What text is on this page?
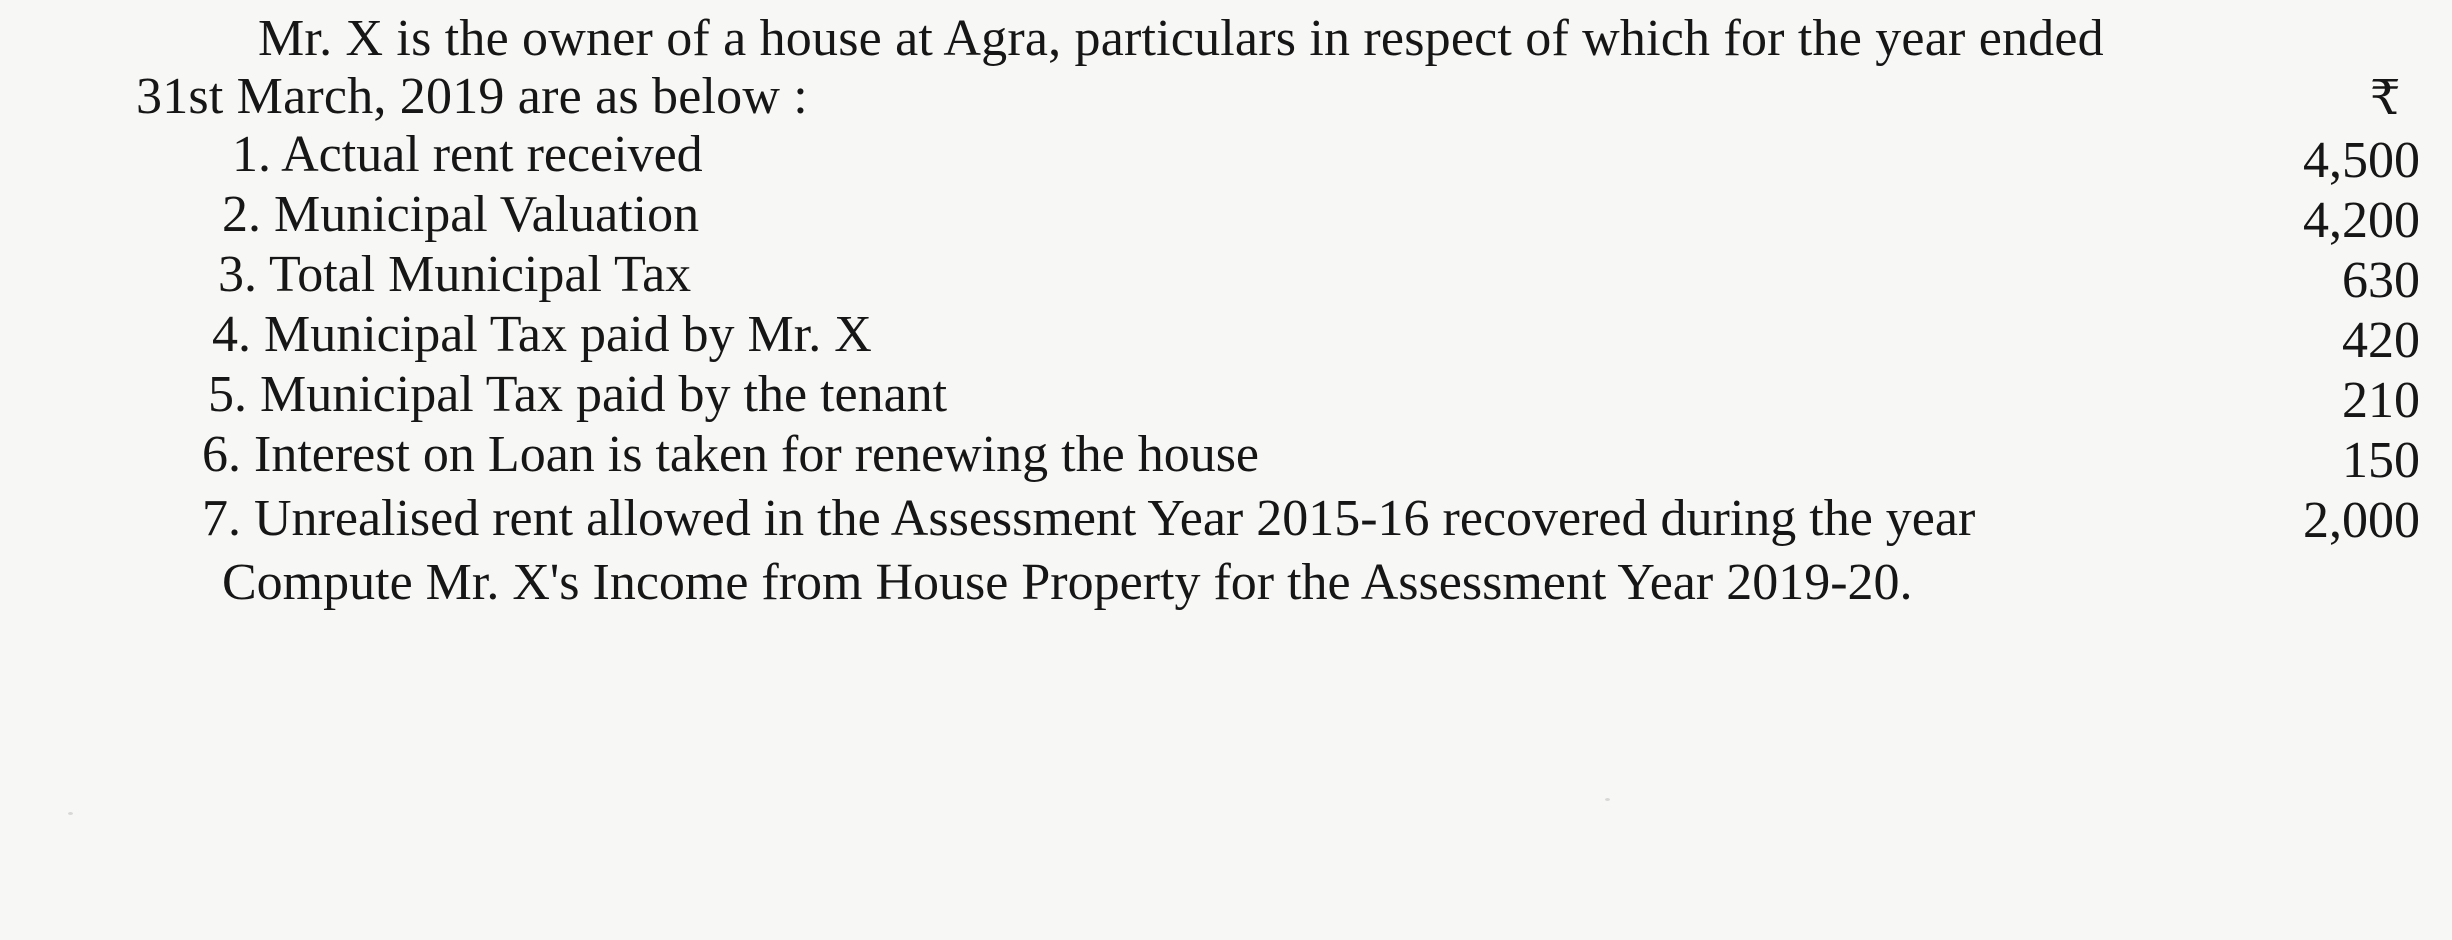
Mr. X is the owner of a house at Agra, particulars in respect of which for the year ended
31st March, 2019 are as below :	₹
1. Actual rent received	4,500
2. Municipal Valuation	4,200
3. Total Municipal Tax	630
4. Municipal Tax paid by Mr. X	420
5. Municipal Tax paid by the tenant	210
6. Interest on Loan is taken for renewing the house	150
7. Unrealised rent allowed in the Assessment Year 2015-16 recovered during the year	2,000
Compute Mr. X's Income from House Property for the Assessment Year 2019-20.
